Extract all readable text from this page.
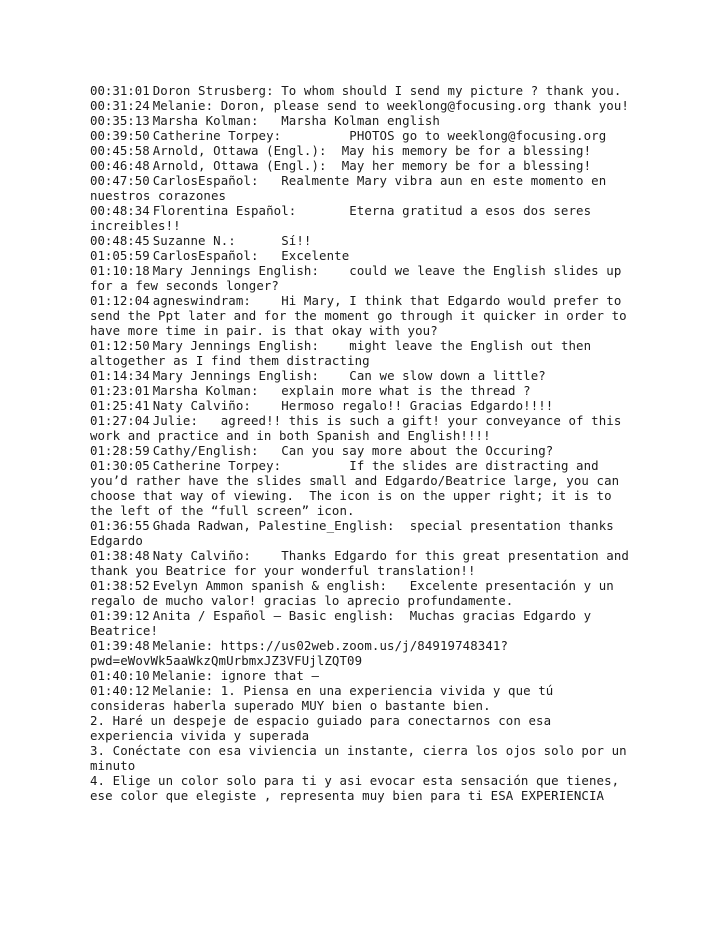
00:31:01 Doron Strusberg: To whom should I send my picture ? thank you.
00:31:24 Melanie: Doron, please send to weeklong@focusing.org thank you!
00:35:13 Marsha Kolman: Marsha Kolman english
00:39:50 Catherine Torpey:	PHOTOS go to weeklong@focusing.org
00:45:58 Arnold, Ottawa (Engl.): May his memory be for a blessing!
00:46:48 Arnold, Ottawa (Engl.): May her memory be for a blessing!
00:47:50 CarlosEspañol: Realmente Mary vibra aun en este momento en nuestros corazones
00:48:34 Florentina Español:	Eterna gratitud a esos dos seres increibles!!
00:48:45 Suzanne N.:	Sí!!
01:05:59 CarlosEspañol: Excelente
01:10:18 Mary Jennings English: could we leave the English slides up for a few seconds longer?
01:12:04 agneswindram: Hi Mary, I think that Edgardo would prefer to send the Ppt later and for the moment go through it quicker in order to have more time in pair. is that okay with you?
01:12:50 Mary Jennings English: might leave the English out then altogether as I find them distracting
01:14:34 Mary Jennings English: Can we slow down a little?
01:23:01 Marsha Kolman: explain more what is the thread ?
01:25:41 Naty Calviño: Hermoso regalo!! Gracias Edgardo!!!!
01:27:04 Julie: agreed!! this is such a gift! your conveyance of this work and practice and in both Spanish and English!!!!
01:28:59 Cathy/English: Can you say more about the Occuring?
01:30:05 Catherine Torpey:	If the slides are distracting and you’d rather have the slides small and Edgardo/Beatrice large, you can choose that way of viewing.  The icon is on the upper right; it is to the left of the “full screen” icon.
01:36:55 Ghada Radwan, Palestine_English: special presentation thanks Edgardo
01:38:48 Naty Calviño: Thanks Edgardo for this great presentation and thank you Beatrice for your wonderful translation!!
01:38:52 Evelyn Ammon spanish & english: Excelente presentación y un regalo de mucho valor! gracias lo aprecio profundamente.
01:39:12 Anita / Español – Basic english: Muchas gracias Edgardo y Beatrice!
01:39:48 Melanie: https://us02web.zoom.us/j/84919748341?pwd=eWovWk5aaWkzQmUrbmxJZ3VFUjlZQT09
01:40:10 Melanie: ignore that –
01:40:12 Melanie: 1. Piensa en una experiencia vivida y que tú consideras haberla superado MUY bien o bastante bien.
2. Haré un despeje de espacio guiado para conectarnos con esa experiencia vivida y superada
3. Conéctate con esa viviencia un instante, cierra los ojos solo por un minuto
4. Elige un color solo para ti y asi evocar esta sensación que tienes, ese color que elegiste , representa muy bien para ti ESA EXPERIENCIA
